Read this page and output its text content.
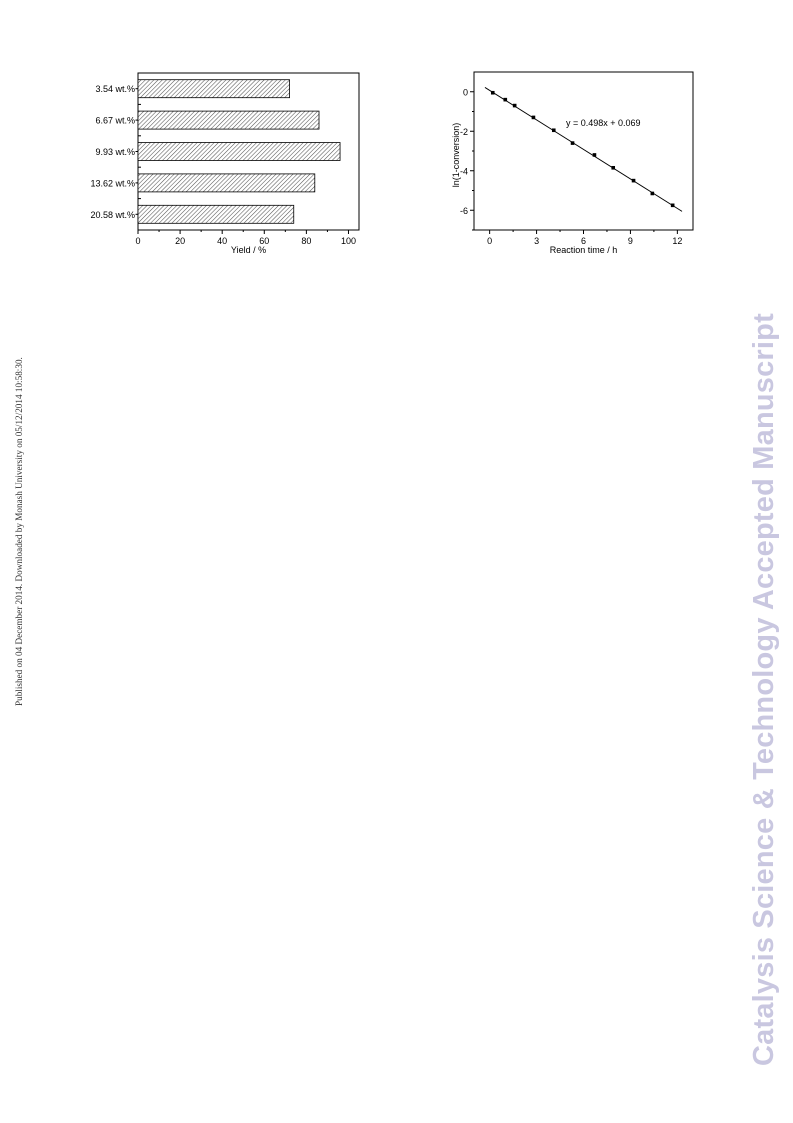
Published on 04 December 2014. Downloaded by Monash University on 05/12/2014 10:58:30.	Catalysis Science & Technology Accepted Manuscript
3.54 wt.%
6.67 wt.%
9.93 wt.%
13.62 wt.%
20.58 wt.%
0	20	40	60	80	100
Yield / %
0	3	6	9	12
0
-2
-4
-6
y = 0.498x + 0.069
Reaction time / h
ln(1-conversion)
